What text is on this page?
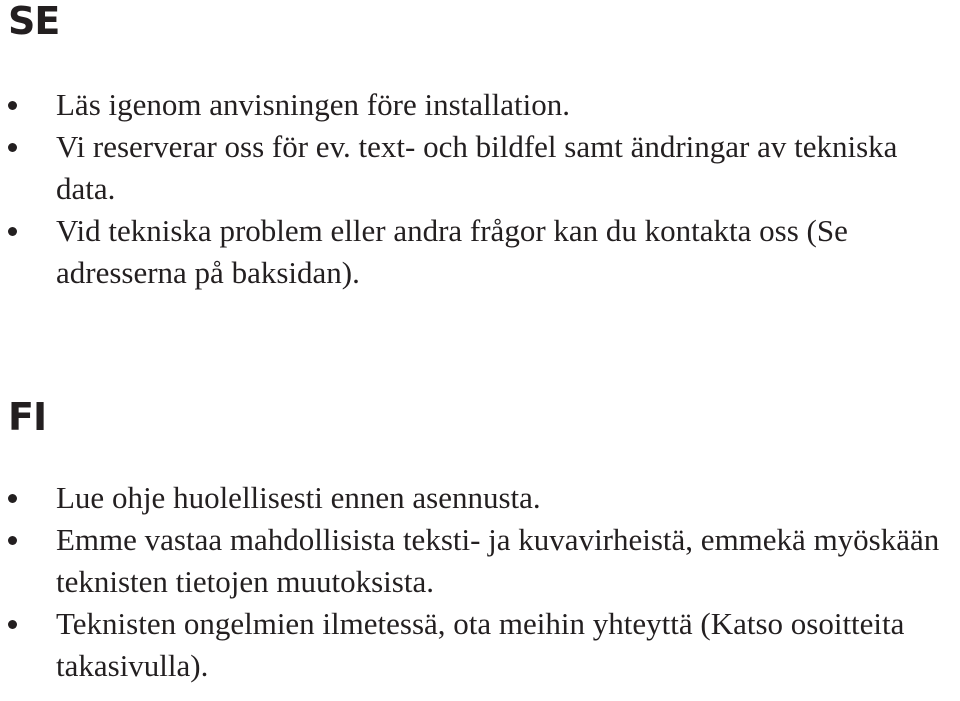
SE
Läs igenom anvisningen före installation.
Vi reserverar oss för ev. text- och bildfel samt ändringar av tekniska data.
Vid tekniska problem eller andra frågor kan du kontakta oss (Se adresserna på baksidan).
FI
Lue ohje huolellisesti ennen asennusta.
Emme vastaa mahdollisista teksti- ja kuvavirheistä, emmekä myöskään teknisten tietojen muutoksista.
Teknisten ongelmien ilmetessä, ota meihin yhteyttä (Katso osoitteita takasivulla).
